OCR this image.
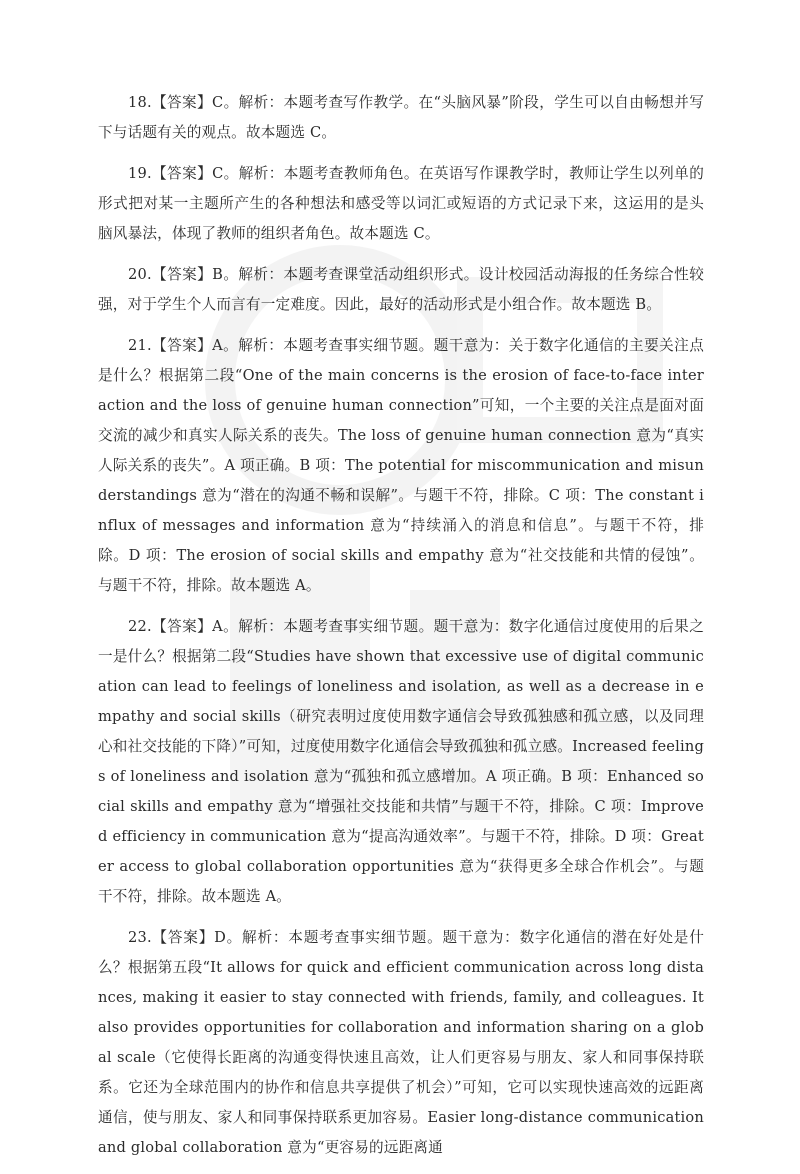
18.【答案】C。解析：本题考查写作教学。在“头脑风暴”阶段，学生可以自由畅想并写下与话题有关的观点。故本题选 C。

19.【答案】C。解析：本题考查教师角色。在英语写作课教学时，教师让学生以列单的形式把对某一主题所产生的各种想法和感受等以词汇或短语的方式记录下来，这运用的是头脑风暴法，体现了教师的组织者角色。故本题选 C。

20.【答案】B。解析：本题考查课堂活动组织形式。设计校园活动海报的任务综合性较强，对于学生个人而言有一定难度。因此，最好的活动形式是小组合作。故本题选 B。

21.【答案】A。解析：本题考查事实细节题。题干意为：关于数字化通信的主要关注点是什么？根据第二段“One of the main concerns is the erosion of face-to-face interaction and the loss of genuine human connection”可知，一个主要的关注点是面对面交流的减少和真实人际关系的丧失。The loss of genuine human connection 意为“真实人际关系的丧失”。A 项正确。B 项：The potential for miscommunication and misunderstandings 意为“潜在的沟通不畅和误解”。与题干不符，排除。C 项：The constant influx of messages and information 意为“持续涌入的消息和信息”。与题干不符，排除。D 项：The erosion of social skills and empathy 意为“社交技能和共情的侵蚀”。与题干不符，排除。故本题选 A。

22.【答案】A。解析：本题考查事实细节题。题干意为：数字化通信过度使用的后果之一是什么？根据第二段“Studies have shown that excessive use of digital communication can lead to feelings of loneliness and isolation, as well as a decrease in empathy and social skills（研究表明过度使用数字通信会导致孤独感和孤立感，以及同理心和社交技能的下降）”可知，过度使用数字化通信会导致孤独和孤立感。Increased feelings of loneliness and isolation 意为“孤独和孤立感增加。A 项正确。B 项：Enhanced social skills and empathy 意为“增强社交技能和共情”与题干不符，排除。C 项：Improved efficiency in communication 意为“提高沟通效率”。与题干不符，排除。D 项：Greater access to global collaboration opportunities 意为“获得更多全球合作机会”。与题干不符，排除。故本题选 A。

23.【答案】D。解析：本题考查事实细节题。题干意为：数字化通信的潜在好处是什么？根据第五段“It allows for quick and efficient communication across long distances, making it easier to stay connected with friends, family, and colleagues. It also provides opportunities for collaboration and information sharing on a global scale（它使得长距离的沟通变得快速且高效，让人们更容易与朋友、家人和同事保持联系。它还为全球范围内的协作和信息共享提供了机会）”可知，它可以实现快速高效的远距离通信，使与朋友、家人和同事保持联系更加容易。Easier long-distance communication and global collaboration 意为“更容易的远距离通
